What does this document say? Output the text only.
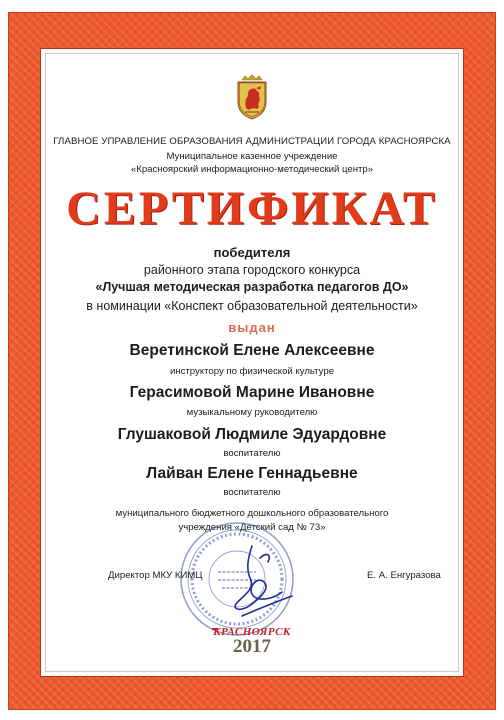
ГЛАВНОЕ УПРАВЛЕНИЕ ОБРАЗОВАНИЯ АДМИНИСТРАЦИИ ГОРОДА КРАСНОЯРСКА
Муниципальное казенное учреждение
«Красноярский информационно-методический центр»
СЕРТИФИКАТ
победителя
районного этапа городского конкурса
«Лучшая методическая разработка педагогов ДО»
в номинации «Конспект образовательной деятельности»
выдан
Веретинской Елене Алексеевне
инструктору по физической культуре
Герасимовой Марине Ивановне
музыкальному руководителю
Глушаковой Людмиле Эдуардовне
воспитателю
Лайван Елене Геннадьевне
воспитателю
муниципального бюджетного дошкольного образовательного
учреждения «Детский сад № 73»
Директор МКУ КИМЦ	Е. А. Енгуразова
КРАСНОЯРСК
2017
